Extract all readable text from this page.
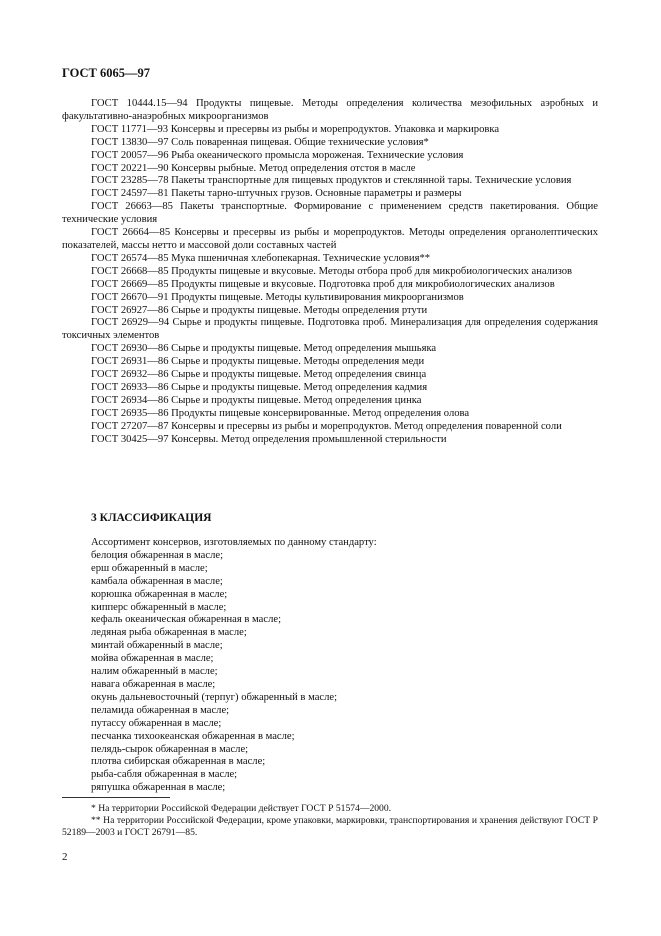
ГОСТ 6065—97

ГОСТ 10444.15—94 Продукты пищевые. Методы определения количества мезофильных аэробных и факультативно-анаэробных микроорганизмов

ГОСТ 11771—93 Консервы и пресервы из рыбы и морепродуктов. Упаковка и маркировка

ГОСТ 13830—97 Соль поваренная пищевая. Общие технические условия*

ГОСТ 20057—96 Рыба океанического промысла мороженая. Технические условия

ГОСТ 20221—90 Консервы рыбные. Метод определения отстоя в масле

ГОСТ 23285—78 Пакеты транспортные для пищевых продуктов и стеклянной тары. Технические условия

ГОСТ 24597—81 Пакеты тарно-штучных грузов. Основные параметры и размеры

ГОСТ 26663—85 Пакеты транспортные. Формирование с применением средств пакетирования. Общие технические условия

ГОСТ 26664—85 Консервы и пресервы из рыбы и морепродуктов. Методы определения органолептических показателей, массы нетто и массовой доли составных частей

ГОСТ 26574—85 Мука пшеничная хлебопекарная. Технические условия**

ГОСТ 26668—85 Продукты пищевые и вкусовые. Методы отбора проб для микробиологических анализов

ГОСТ 26669—85 Продукты пищевые и вкусовые. Подготовка проб для микробиологических анализов

ГОСТ 26670—91 Продукты пищевые. Методы культивирования микроорганизмов

ГОСТ 26927—86 Сырье и продукты пищевые. Методы определения ртути

ГОСТ 26929—94 Сырье и продукты пищевые. Подготовка проб. Минерализация для определения содержания токсичных элементов

ГОСТ 26930—86 Сырье и продукты пищевые. Метод определения мышьяка

ГОСТ 26931—86 Сырье и продукты пищевые. Методы определения меди

ГОСТ 26932—86 Сырье и продукты пищевые. Метод определения свинца

ГОСТ 26933—86 Сырье и продукты пищевые. Метод определения кадмия

ГОСТ 26934—86 Сырье и продукты пищевые. Метод определения цинка

ГОСТ 26935—86 Продукты пищевые консервированные. Метод определения олова

ГОСТ 27207—87 Консервы и пресервы из рыбы и морепродуктов. Метод определения поваренной соли

ГОСТ 30425—97 Консервы. Метод определения промышленной стерильности

3 КЛАССИФИКАЦИЯ

Ассортимент консервов, изготовляемых по данному стандарту:

белоция обжаренная в масле;

ерш обжаренный в масле;

камбала обжаренная в масле;

корюшка обжаренная в масле;

кипперс обжаренный в масле;

кефаль океаническая обжаренная в масле;

ледяная рыба обжаренная в масле;

минтай обжаренный в масле;

мойва обжаренная в масле;

налим обжаренный в масле;

навага обжаренная в масле;

окунь дальневосточный (терпуг) обжаренный в масле;

пеламида обжаренная в масле;

путассу обжаренная в масле;

песчанка тихоокеанская обжаренная в масле;

пелядь-сырок обжаренная в масле;

плотва сибирская обжаренная в масле;

рыба-сабля обжаренная в масле;

ряпушка обжаренная в масле;

* На территории Российской Федерации действует ГОСТ Р 51574—2000.

** На территории Российской Федерации, кроме упаковки, маркировки, транспортирования и хранения действуют ГОСТ Р 52189—2003 и ГОСТ 26791—85.

2
